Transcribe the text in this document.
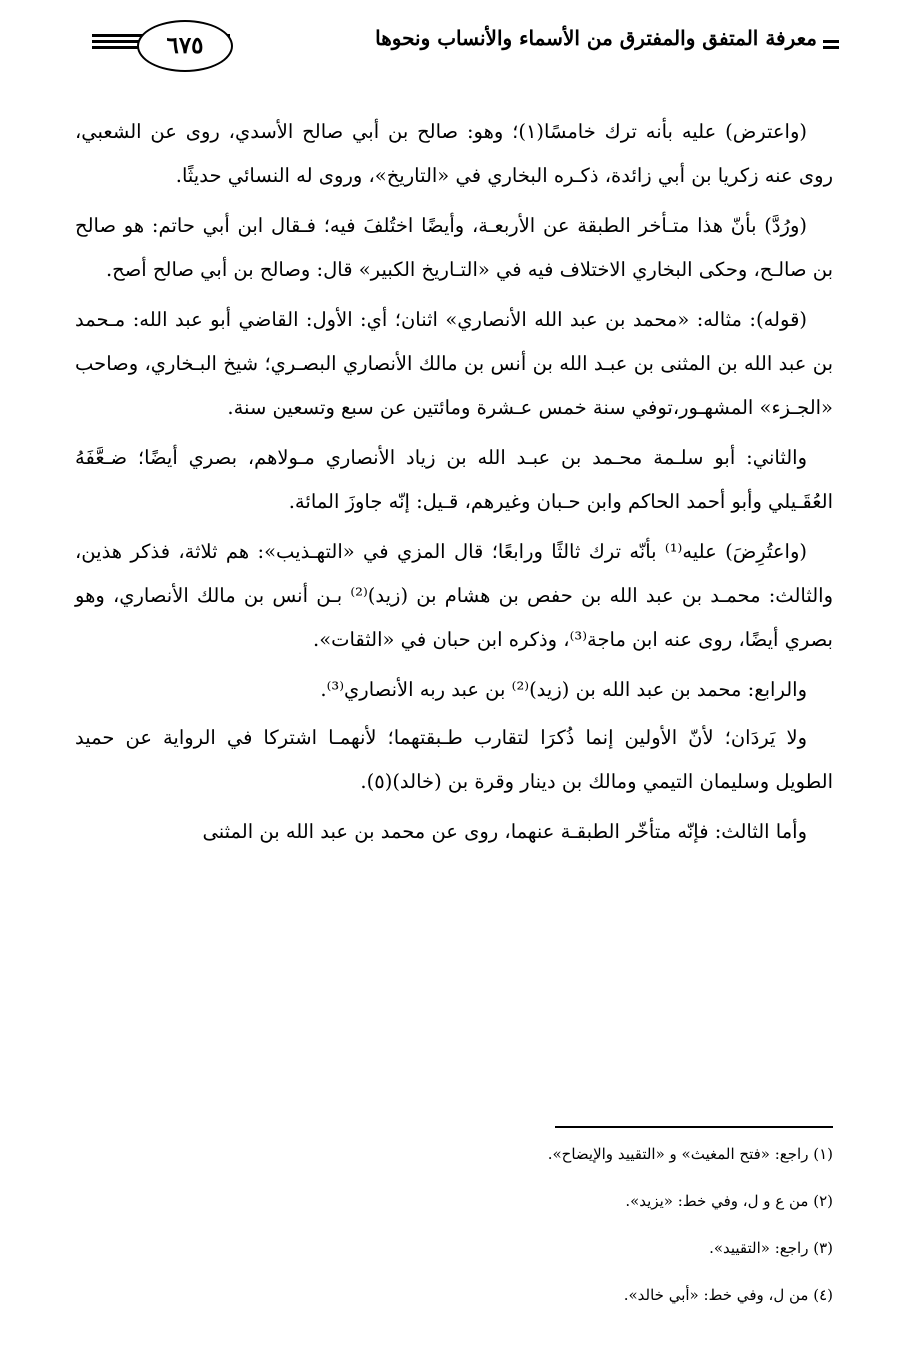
معرفة المتفق والمفترق من الأسماء والأنساب ونحوها
٦٧٥

(واعترض) عليه بأنه ترك خامسًا(١)؛ وهو: صالح بن أبي صالح الأسدي، روى عن الشعبي، روى عنه زكريا بن أبي زائدة، ذكـره البخاري في «التاريخ»، وروى له النسائي حديثًا.

(ورُدَّ) بأنّ هذا متـأخر الطبقة عن الأربعـة، وأيضًا اختُلفَ فيه؛ فـقال ابن أبي حاتم: هو صالح بن صالـح، وحكى البخاري الاختلاف فيه في «التـاريخ الكبير» قال: وصالح بن أبي صالح أصح.

(قوله): مثاله: «محمد بن عبد الله الأنصاري» اثنان؛ أي: الأول: القاضي أبو عبد الله: مـحمد بن عبد الله بن المثنى بن عبـد الله بن أنس بن مالك الأنصاري البصـري؛ شيخ البـخاري، وصاحب «الجـزء» المشهـور،توفي سنة خمس عـشرة ومائتين عن سبع وتسعين سنة.

والثاني: أبو سلـمة محـمد بن عبـد الله بن زياد الأنصاري مـولاهم، بصري أيضًا؛ ضـعَّفَهُ العُقَـيلي وأبو أحمد الحاكم وابن حـبان وغيرهم، قـيل: إنّه جاوزَ المائة.

(واعتُرِضَ) عليه⁽¹⁾ بأنّه ترك ثالثًا ورابعًا؛ قال المزي في «التهـذيب»: هم ثلاثة، فذكر هذين، والثالث: محمـد بن عبد الله بن حفص بن هشام بن (زيد)⁽²⁾ بـن أنس بن مالك الأنصاري، وهو بصري أيضًا، روى عنه ابن ماجة⁽³⁾، وذكره ابن حبان في «الثقات».

والرابع: محمد بن عبد الله بن (زيد)⁽²⁾ بن عبد ربه الأنصاري⁽³⁾.

ولا يَردَان؛ لأنّ الأولين إنما ذُكرَا لتقارب طـبقتهما؛ لأنهمـا اشتركا في الرواية عن حميد الطويل وسليمان التيمي ومالك بن دينار وقرة بن (خالد)(٥).

وأما الثالث: فإنّه متأخّر الطبقـة عنهما، روى عن محمد بن عبد الله بن المثنى

(١) راجع: «فتح المغيث» و «التقييد والإيضاح».
(٢) من ع و ل، وفي خط: «يزيد».
(٣) راجع: «التقييد».
(٤) من ل، وفي خط: «أبي خالد».
